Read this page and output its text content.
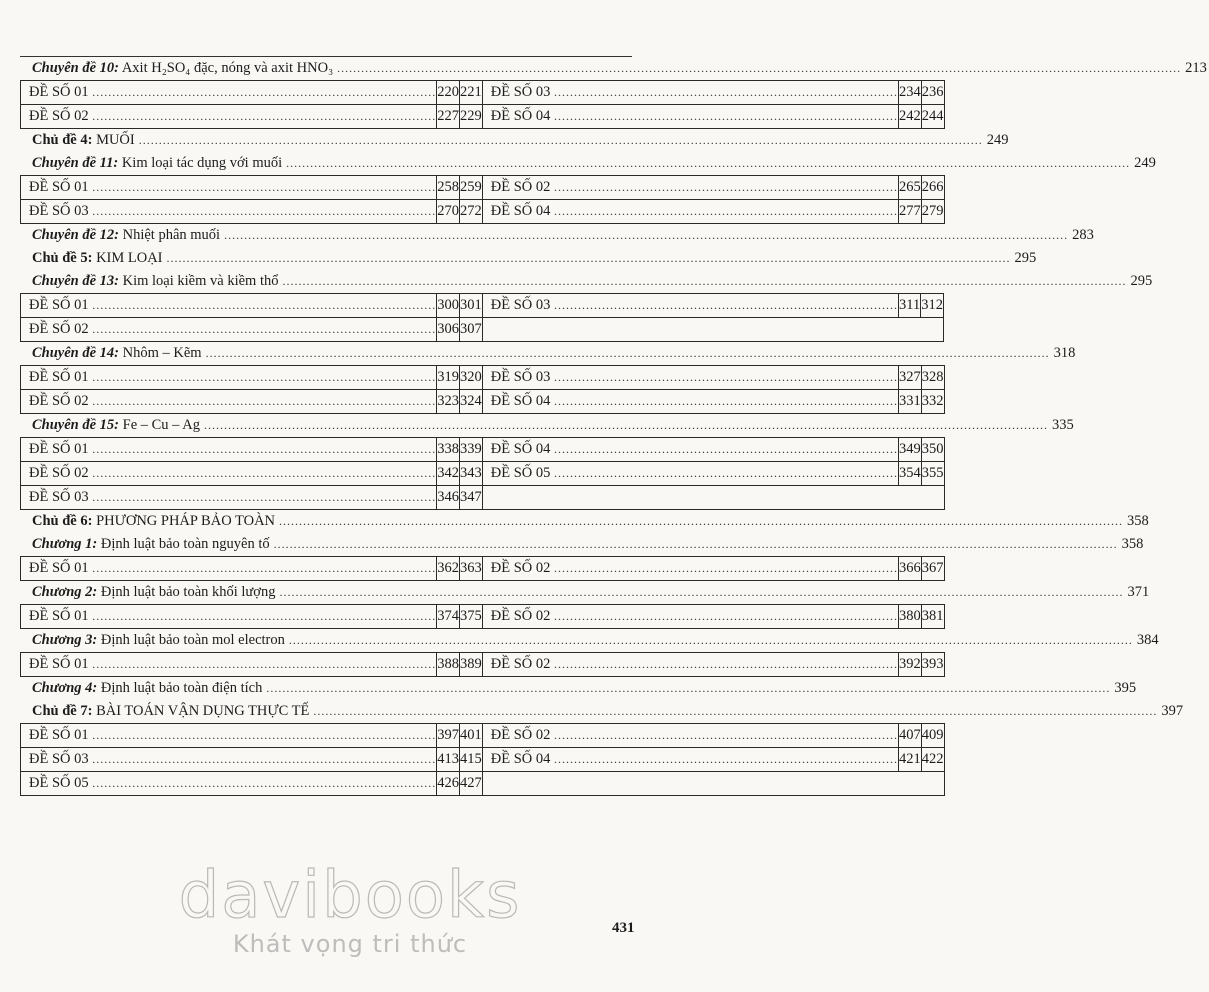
Chuyên đề 10: Axit H₂SO₄ đặc, nóng và axit HNO₃ .....	213
ĐỀ SỐ 01 .....	220	221	ĐỀ SỐ 03 .....	234	236
ĐỀ SỐ 02 .....	227	229	ĐỀ SỐ 04 .....	242	244
Chủ đề 4: MUỐI .....	249
Chuyên đề 11: Kim loại tác dụng với muối .....	249
ĐỀ SỐ 01 .....	258	259	ĐỀ SỐ 02 .....	265	266
ĐỀ SỐ 03 .....	270	272	ĐỀ SỐ 04 .....	277	279
Chuyên đề 12: Nhiệt phân muối .....	283
Chủ đề 5: KIM LOẠI .....	295
Chuyên đề 13: Kim loại kiềm và kiềm thổ .....	295
ĐỀ SỐ 01 .....	300	301	ĐỀ SỐ 03 .....	311	312
ĐỀ SỐ 02 .....	306	307			
Chuyên đề 14: Nhôm – Kẽm .....	318
ĐỀ SỐ 01 .....	319	320	ĐỀ SỐ 03 .....	327	328
ĐỀ SỐ 02 .....	323	324	ĐỀ SỐ 04 .....	331	332
Chuyên đề 15: Fe – Cu – Ag .....	335
ĐỀ SỐ 01 .....	338	339	ĐỀ SỐ 04 .....	349	350
ĐỀ SỐ 02 .....	342	343	ĐỀ SỐ 05 .....	354	355
ĐỀ SỐ 03 .....	346	347			
Chủ đề 6: PHƯƠNG PHÁP BẢO TOÀN .....	358
Chương 1: Định luật bảo toàn nguyên tố .....	358
ĐỀ SỐ 01 .....	362	363	ĐỀ SỐ 02 .....	366	367
Chương 2: Định luật bảo toàn khối lượng .....	371
ĐỀ SỐ 01 .....	374	375	ĐỀ SỐ 02 .....	380	381
Chương 3: Định luật bảo toàn mol electron .....	384
ĐỀ SỐ 01 .....	388	389	ĐỀ SỐ 02 .....	392	393
Chương 4: Định luật bảo toàn điện tích .....	395
Chủ đề 7: BÀI TOÁN VẬN DỤNG THỰC TẾ .....	397
ĐỀ SỐ 01 .....	397	401	ĐỀ SỐ 02 .....	407	409
ĐỀ SỐ 03 .....	413	415	ĐỀ SỐ 04 .....	421	422
ĐỀ SỐ 05 .....	426	427			
431
davibooks
Khát vọng tri thức
